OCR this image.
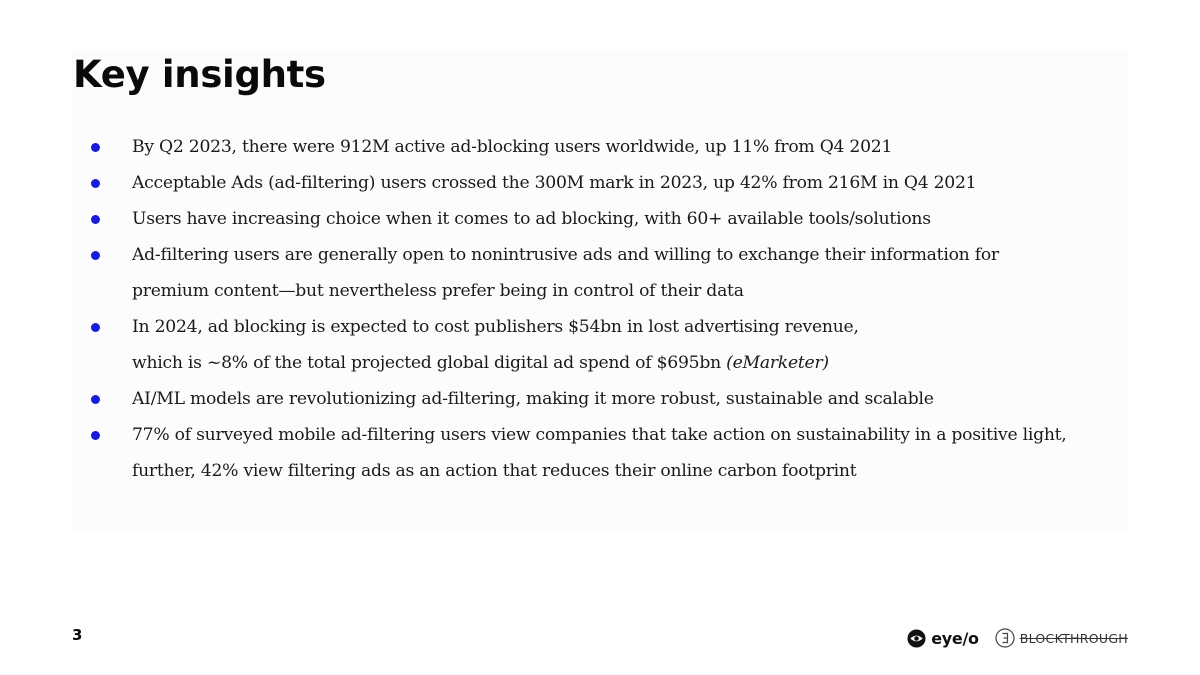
Key insights
By Q2 2023, there were 912M active ad-blocking users worldwide, up 11% from Q4 2021
Acceptable Ads (ad-filtering) users crossed the 300M mark in 2023, up 42% from 216M in Q4 2021
Users have increasing choice when it comes to ad blocking, with 60+ available tools/solutions
Ad-filtering users are generally open to nonintrusive ads and willing to exchange their information for
premium content—but nevertheless prefer being in control of their data
In 2024, ad blocking is expected to cost publishers $54bn in lost advertising revenue,
which is ~8% of the total projected global digital ad spend of $695bn (eMarketer)
AI/ML models are revolutionizing ad-filtering, making it more robust, sustainable and scalable
77% of surveyed mobile ad-filtering users view companies that take action on sustainability in a positive light,
further, 42% view filtering ads as an action that reduces their online carbon footprint
3	eye/o	BLOCKTHROUGH
